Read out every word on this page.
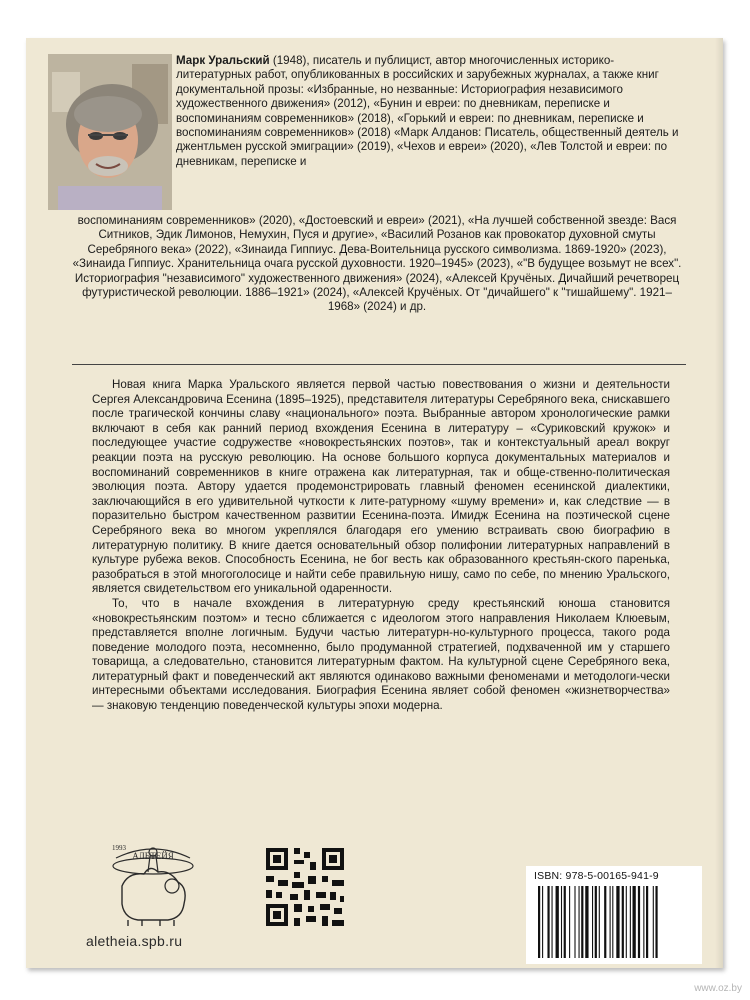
Марк Уральский (1948), писатель и публицист, автор многочисленных историко-литературных работ, опубликованных в российских и зарубежных журналах, а также книг документальной прозы: «Избранные, но незванные: Историография независимого художественного движения» (2012), «Бунин и евреи: по дневникам, переписке и воспоминаниям современников» (2018), «Горький и евреи: по дневникам, переписке и воспоминаниям современников» (2018) «Марк Алданов: Писатель, общественный деятель и джентльмен русской эмиграции» (2019), «Чехов и евреи» (2020), «Лев Толстой и евреи: по дневникам, переписке и
воспоминаниям современников» (2020), «Достоевский и евреи» (2021), «На лучшей собственной звезде: Вася Ситников, Эдик Лимонов, Немухин, Пуся и другие», «Василий Розанов как провокатор духовной смуты Серебряного века» (2022), «Зинаида Гиппиус. Дева-Воительница русского символизма. 1869-1920» (2023), «Зинаида Гиппиус. Хранительница очага русской духовности. 1920–1945» (2023), «"В будущее возьмут не всех". Историография "независимого" художественного движения» (2024), «Алексей Кручёных. Дичайший речетворец футуристической революции. 1886–1921» (2024), «Алексей Кручёных. От "дичайшего" к "тишайшему". 1921–1968» (2024) и др.

Новая книга Марка Уральского является первой частью повествования о жизни и деятельности Сергея Александровича Есенина (1895–1925), представителя литературы Серебряного века, снискавшего после трагической кончины славу «национального» поэта. Выбранные автором хронологические рамки включают в себя как ранний период вхождения Есенина в литературу – «Суриковский кружок» и последующее участие содружестве «новокрестьянских поэтов», так и контекстуальный ареал вокруг реакции поэта на русскую революцию. На основе большого корпуса документальных материалов и воспоминаний современников в книге отражена как литературная, так и обще-ственно-политическая эволюция поэта. Автору удается продемонстрировать главный феномен есенинской диалектики, заключающийся в его удивительной чуткости к лите-ратурному «шуму времени» и, как следствие — в поразительно быстром качественном развитии Есенина-поэта. Имидж Есенина на поэтической сцене Серебряного века во многом укреплялся благодаря его умению встраивать свою биографию в литературную политику. В книге дается основательный обзор полифонии литературных направлений в культуре рубежа веков. Способность Есенина, не бог весть как образованного крестьян-ского паренька, разобраться в этой многоголосице и найти себе правильную нишу, само по себе, по мнению Уральского, является свидетельством его уникальной одаренности.

То, что в начале вхождения в литературную среду крестьянский юноша становится «новокрестьянским поэтом» и тесно сближается с идеологом этого направления Николаем Клюевым, представляется вполне логичным. Будучи частью литературн-но-культурного процесса, такого рода поведение молодого поэта, несомненно, было продуманной стратегией, подхваченной им у старшего товарища, а следовательно, становится литературным фактом. На культурной сцене Серебряного века, литературный факт и поведенческий акт являются одинаково важными феноменами и методологи-чески интересными объектами исследования. Биография Есенина являет собой феномен «жизнетворчества» — знаковую тенденцию поведенческой культуры эпохи модерна.

АЛЕТЕЙЯ
1993
aletheia.spb.ru
ISBN: 978-5-00165-941-9
www.oz.by
